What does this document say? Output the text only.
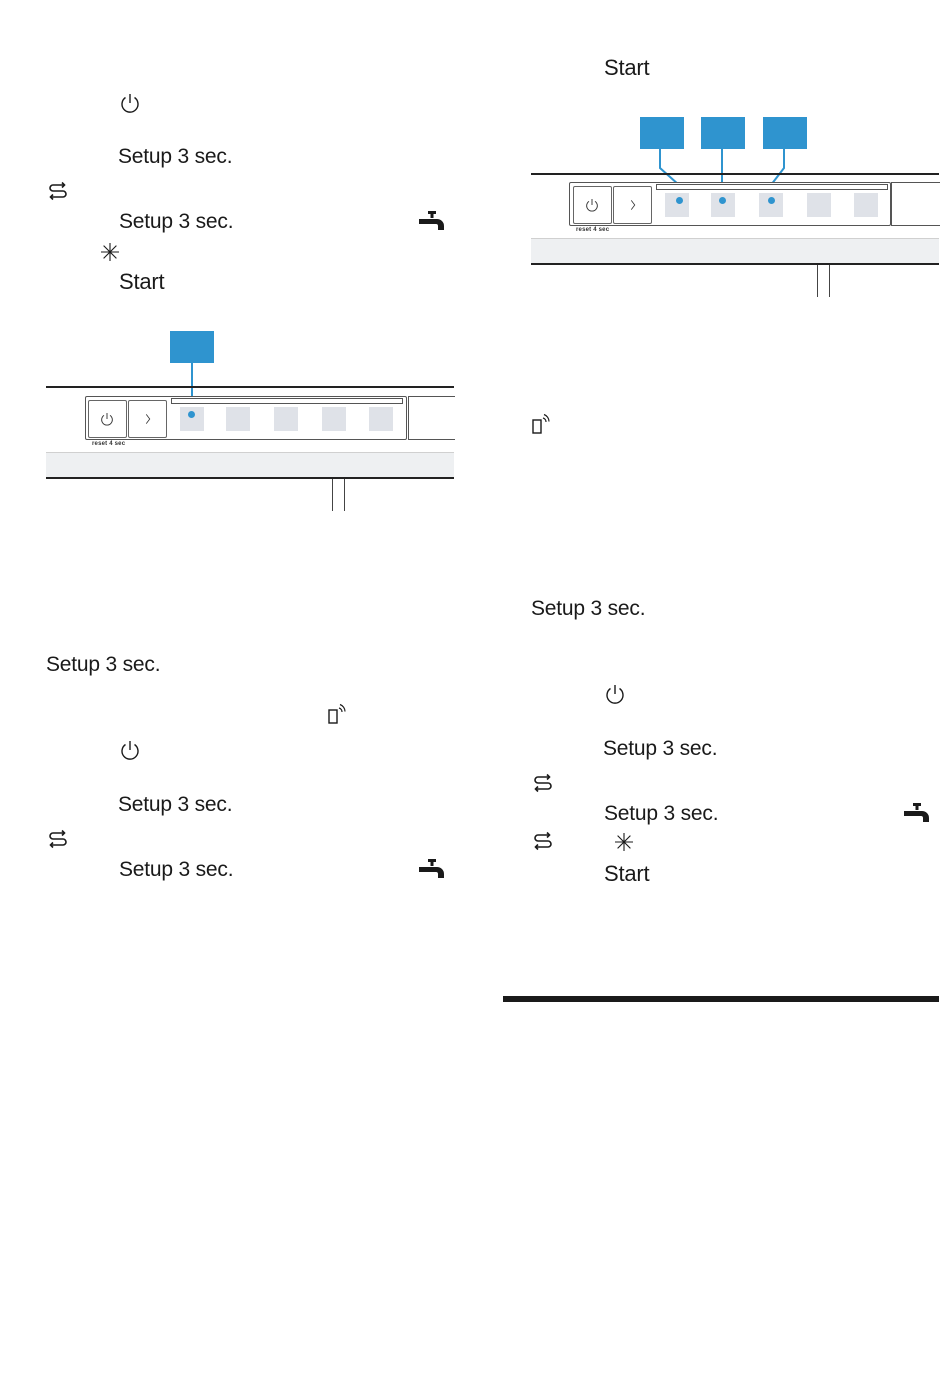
Setup 3 sec.
Setup 3 sec.
Start
reset 4 sec
Setup 3 sec.
Setup 3 sec.
Setup 3 sec.
Start
reset 4 sec
Setup 3 sec.
Setup 3 sec.
Setup 3 sec.
Start
